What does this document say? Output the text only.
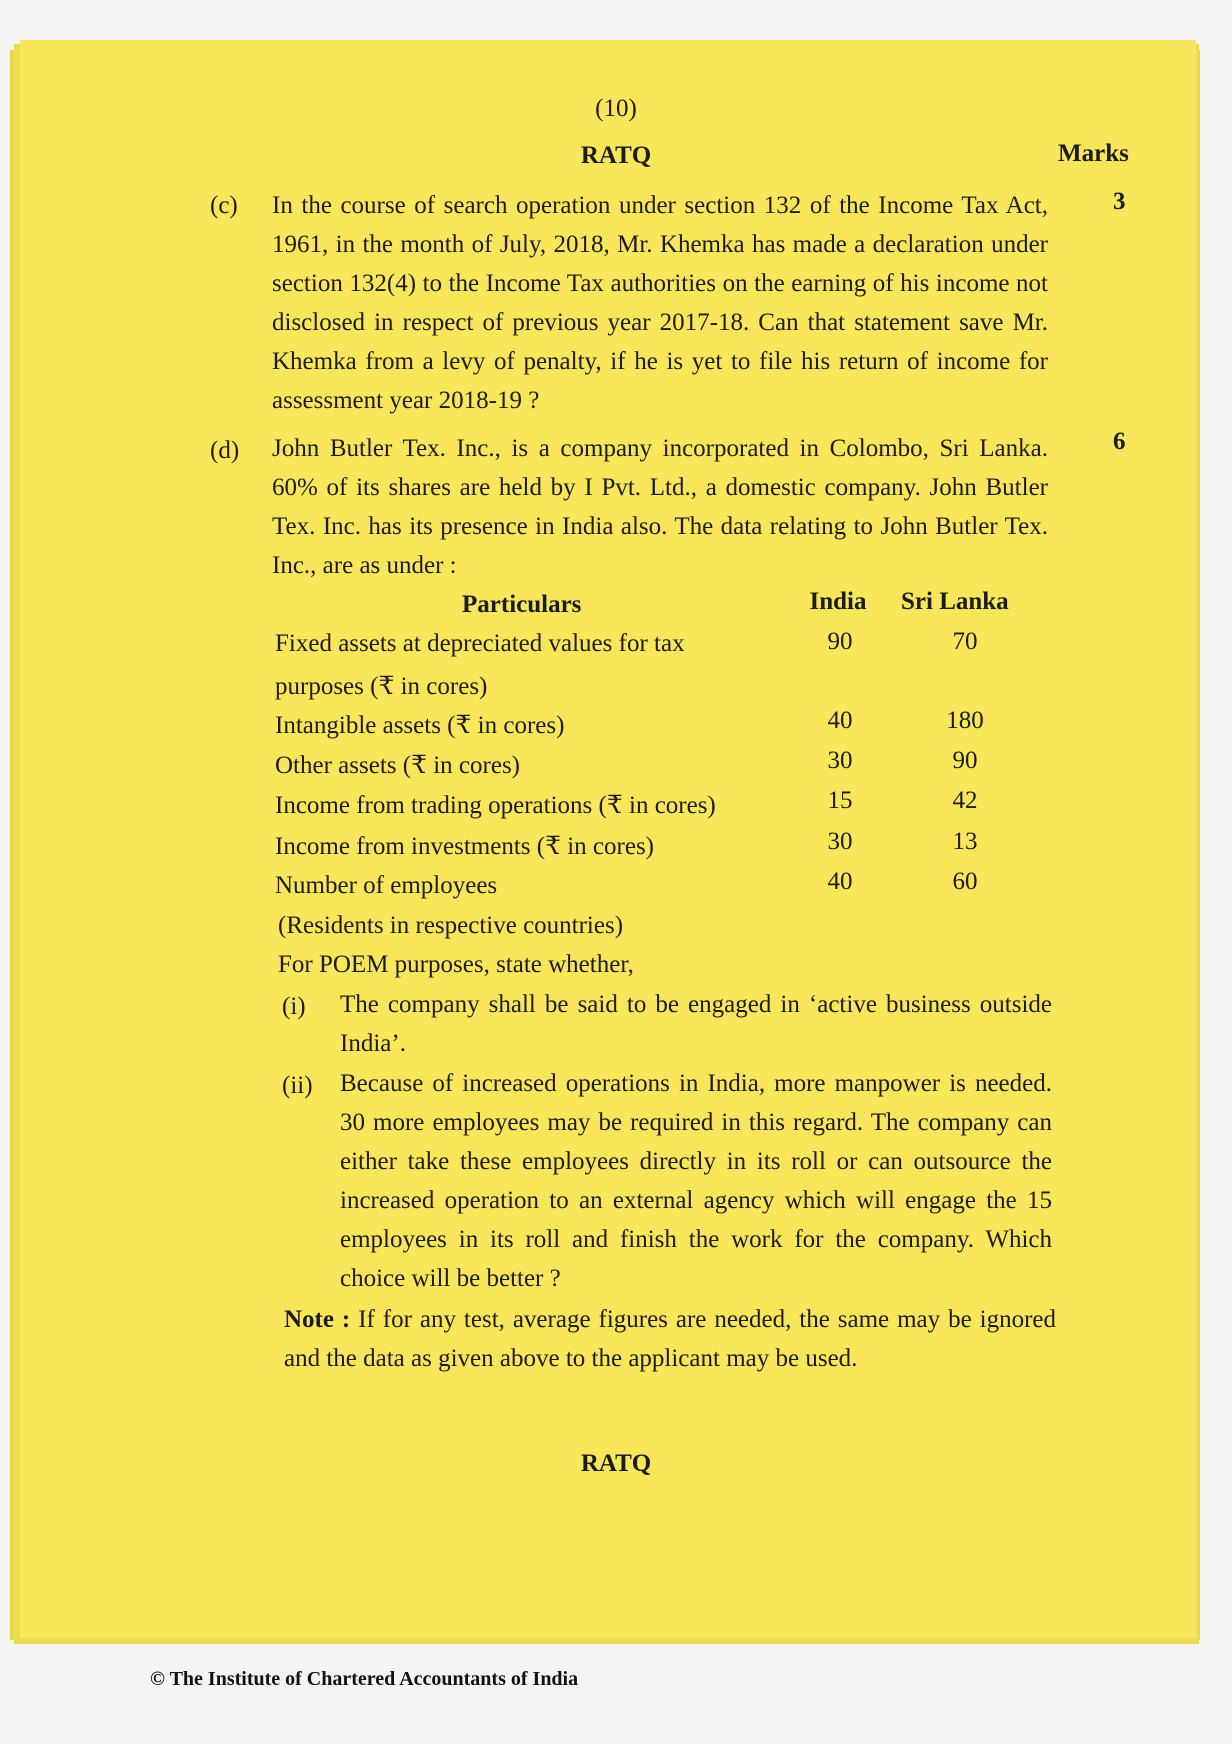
(10)
RATQ	Marks
(c) In the course of search operation under section 132 of the Income Tax Act, 1961, in the month of July, 2018, Mr. Khemka has made a declaration under section 132(4) to the Income Tax authorities on the earning of his income not disclosed in respect of previous year 2017-18. Can that statement save Mr. Khemka from a levy of penalty, if he is yet to file his return of income for assessment year 2018-19 ?

3
(d) John Butler Tex. Inc., is a company incorporated in Colombo, Sri Lanka. 60% of its shares are held by I Pvt. Ltd., a domestic company. John Butler Tex. Inc. has its presence in India also. The data relating to John Butler Tex. Inc., are as under :

6
Particulars	India	Sri Lanka
Fixed assets at depreciated values for tax	90	70
purposes (₹ in cores)
Intangible assets (₹ in cores)	40	180
Other assets (₹ in cores)	30	90
Income from trading operations (₹ in cores)	15	42
Income from investments (₹ in cores)	30	13
Number of employees	40	60
(Residents in respective countries)
For POEM purposes, state whether,
(i) The company shall be said to be engaged in ‘active business outside India’.

(ii) Because of increased operations in India, more manpower is needed. 30 more employees may be required in this regard. The company can either take these employees directly in its roll or can outsource the increased operation to an external agency which will engage the 15 employees in its roll and finish the work for the company. Which choice will be better ?

Note : If for any test, average figures are needed, the same may be ignored and the data as given above to the applicant may be used.

RATQ
© The Institute of Chartered Accountants of India
